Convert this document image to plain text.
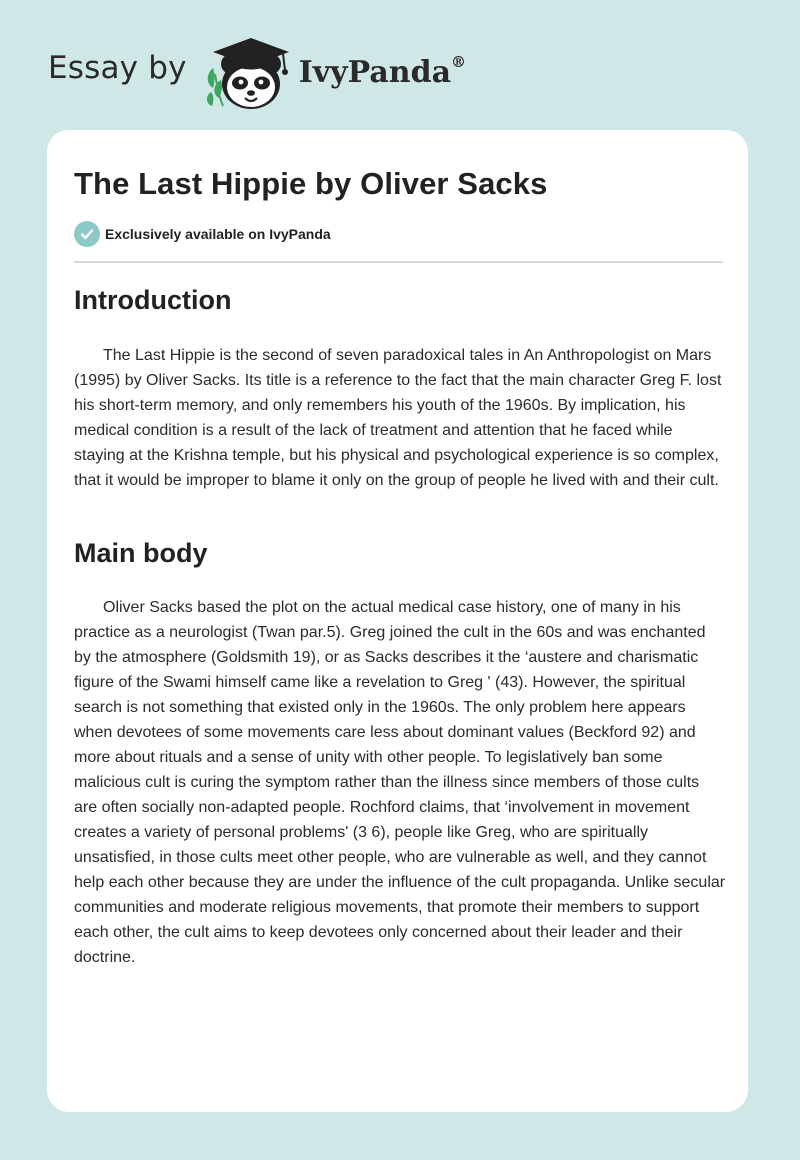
Essay by	IvyPanda®
The Last Hippie by Oliver Sacks
Exclusively available on IvyPanda
Introduction

The Last Hippie is the second of seven paradoxical tales in An Anthropologist on Mars (1995) by Oliver Sacks. Its title is a reference to the fact that the main character Greg F. lost his short-term memory, and only remembers his youth of the 1960s. By implication, his medical condition is a result of the lack of treatment and attention that he faced while staying at the Krishna temple, but his physical and psychological experience is so complex, that it would be improper to blame it only on the group of people he lived with and their cult.

Main body

Oliver Sacks based the plot on the actual medical case history, one of many in his practice as a neurologist (Twan par.5). Greg joined the cult in the 60s and was enchanted by the atmosphere (Goldsmith 19), or as Sacks describes it the ‘austere and charismatic figure of the Swami himself came like a revelation to Greg ' (43). However, the spiritual search is not something that existed only in the 1960s. The only problem here appears when devotees of some movements care less about dominant values (Beckford 92) and more about rituals and a sense of unity with other people. To legislatively ban some malicious cult is curing the symptom rather than the illness since members of those cults are often socially non-adapted people. Rochford claims, that ‘involvement in movement creates a variety of personal problems' (3 6), people like Greg, who are spiritually unsatisfied, in those cults meet other people, who are vulnerable as well, and they cannot help each other because they are under the influence of the cult propaganda. Unlike secular communities and moderate religious movements, that promote their members to support each other, the cult aims to keep devotees only concerned about their leader and their doctrine.
